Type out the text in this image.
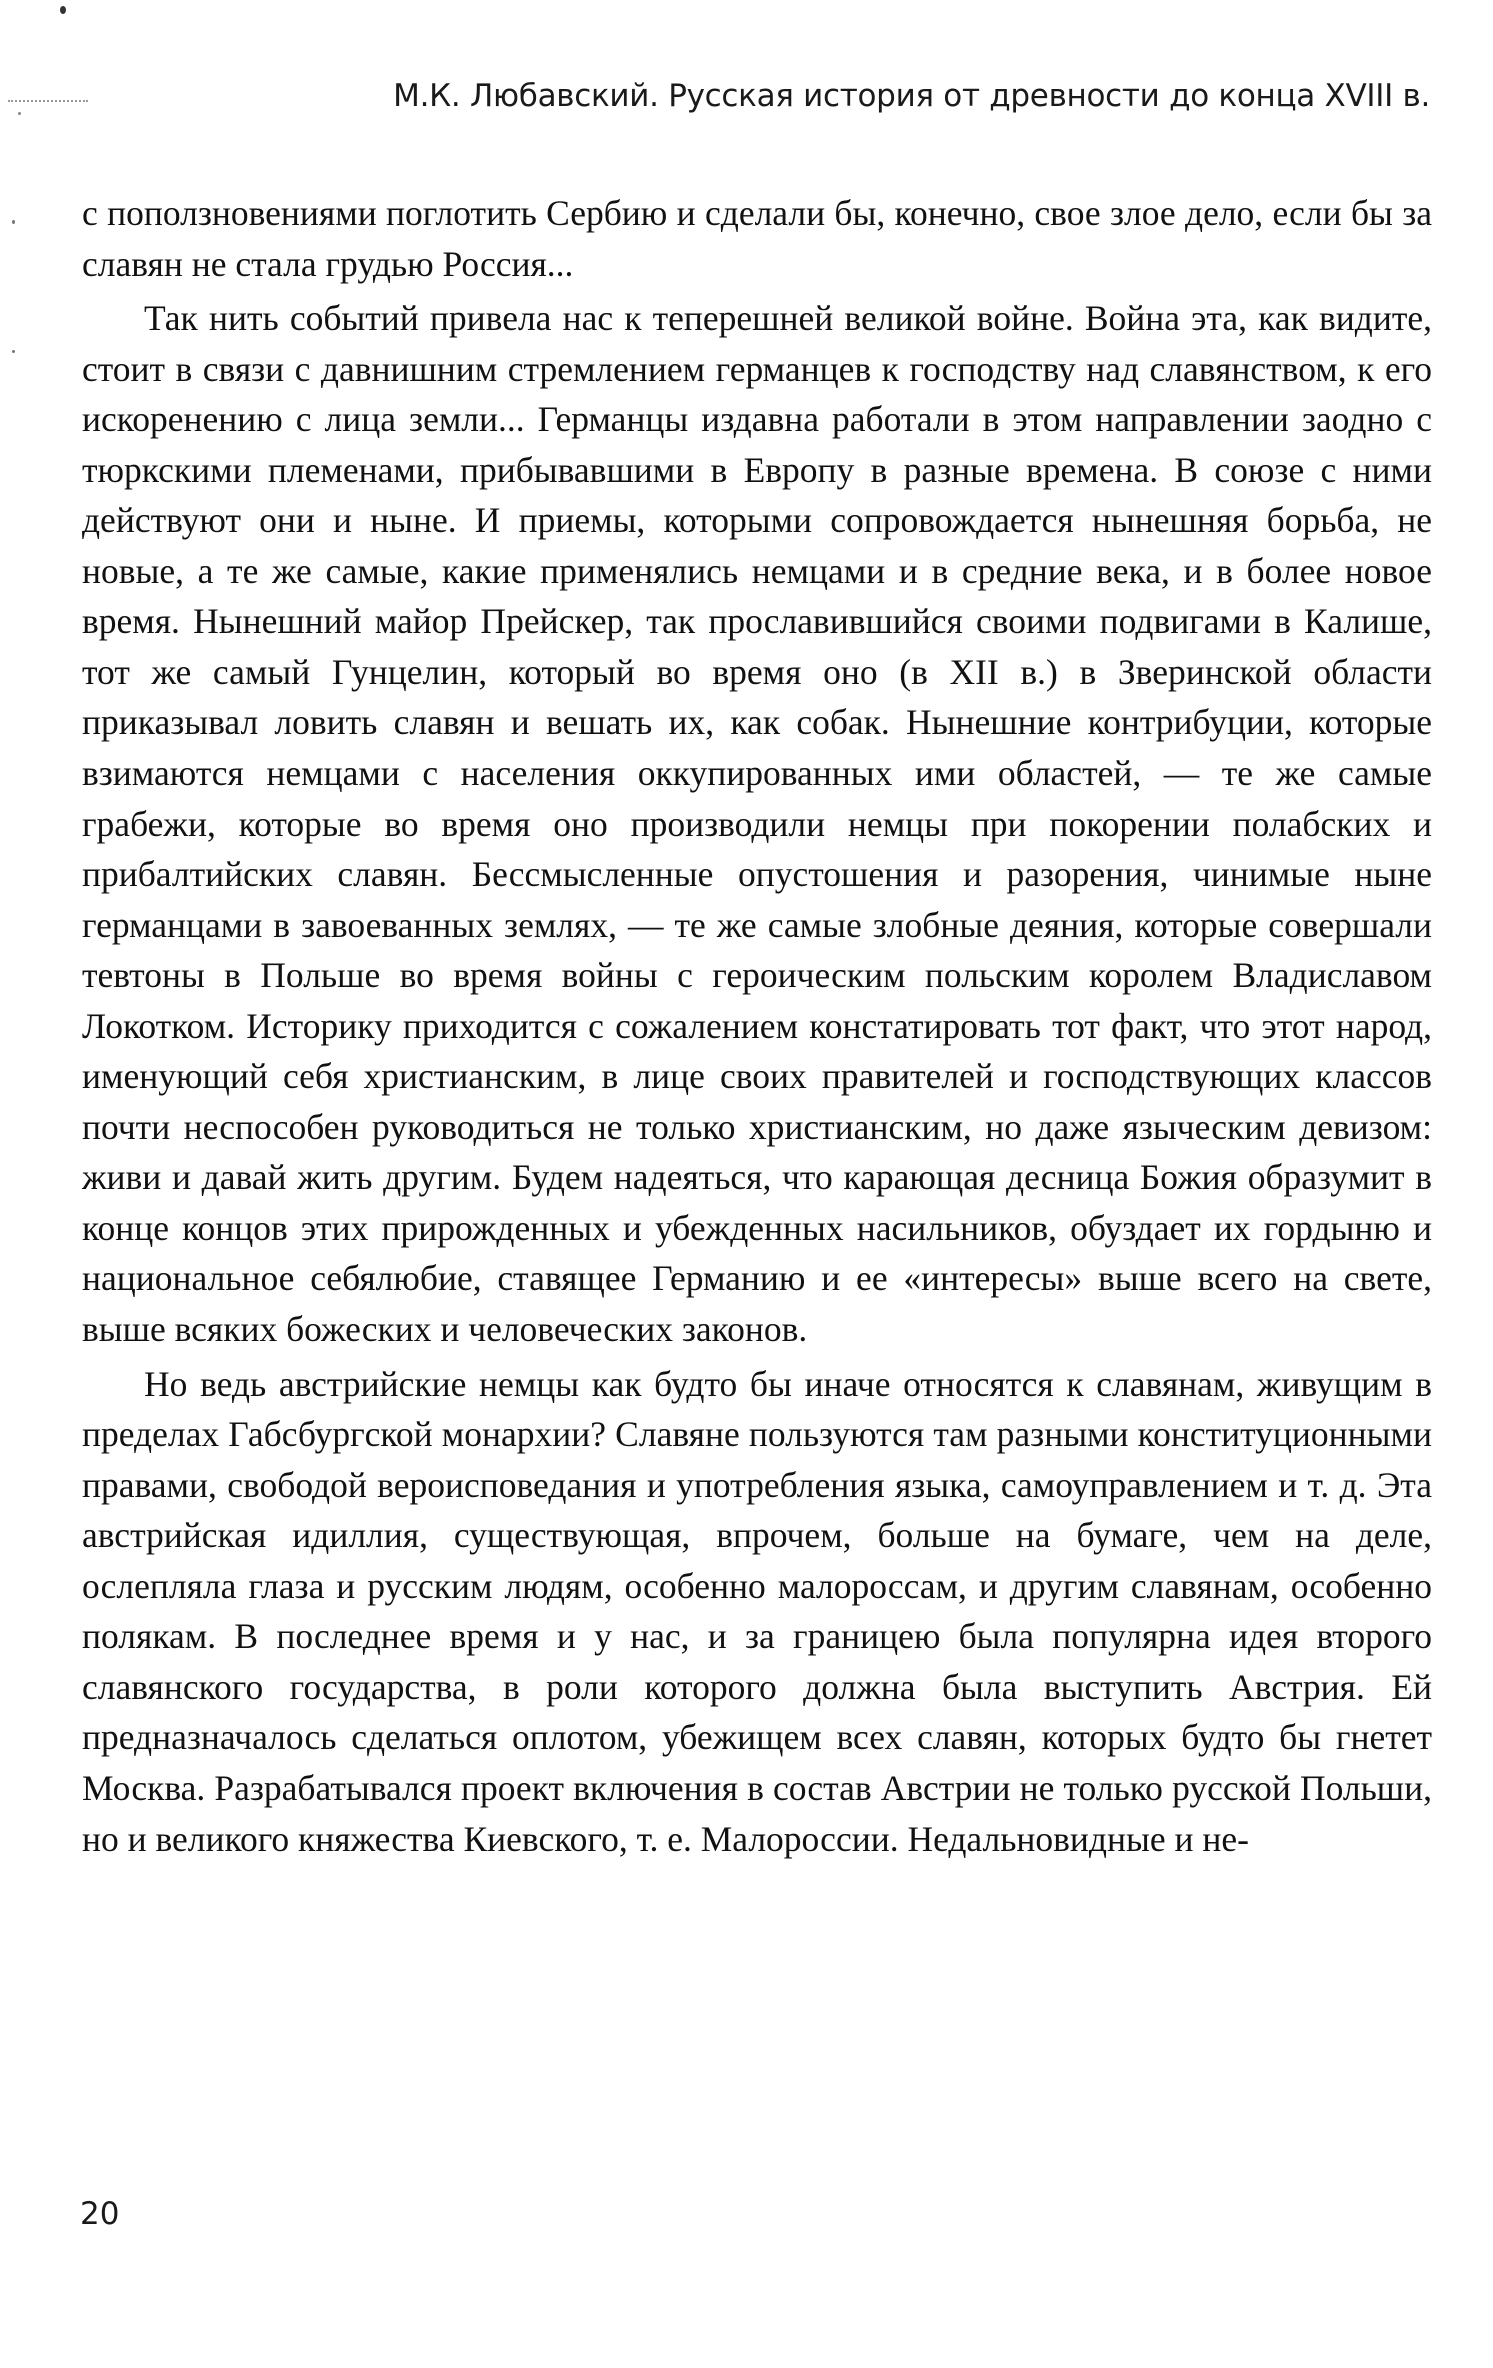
М.К. Любавский. Русская история от древности до конца XVIII в.

с поползновениями поглотить Сербию и сделали бы, конечно, свое злое дело, если бы за славян не стала грудью Россия...

Так нить событий привела нас к теперешней великой войне. Война эта, как видите, стоит в связи с давнишним стремлением германцев к господству над славянством, к его искоренению с лица земли... Германцы издавна работали в этом направлении заодно с тюркскими племенами, прибывавшими в Европу в разные времена. В союзе с ними действуют они и ныне. И приемы, которыми сопровождается нынешняя борьба, не новые, а те же самые, какие применялись немцами и в средние века, и в более новое время. Нынешний майор Прейскер, так прославившийся своими подвигами в Калише, тот же самый Гунцелин, который во время оно (в XII в.) в Зверинской области приказывал ловить славян и вешать их, как собак. Нынешние контрибуции, которые взимаются немцами с населения оккупированных ими областей, — те же самые грабежи, которые во время оно производили немцы при покорении полабских и прибалтийских славян. Бессмысленные опустошения и разорения, чинимые ныне германцами в завоеванных землях, — те же самые злобные деяния, которые совершали тевтоны в Польше во время войны с героическим польским королем Владиславом Локотком. Историку приходится с сожалением констатировать тот факт, что этот народ, именующий себя христианским, в лице своих правителей и господствующих классов почти неспособен руководиться не только христианским, но даже языческим девизом: живи и давай жить другим. Будем надеяться, что карающая десница Божия образумит в конце концов этих прирожденных и убежденных насильников, обуздает их гордыню и национальное себялюбие, ставящее Германию и ее «интересы» выше всего на свете, выше всяких божеских и человеческих законов.

Но ведь австрийские немцы как будто бы иначе относятся к славянам, живущим в пределах Габсбургской монархии? Славяне пользуются там разными конституционными правами, свободой вероисповедания и употребления языка, самоуправлением и т. д. Эта австрийская идиллия, существующая, впрочем, больше на бумаге, чем на деле, ослепляла глаза и русским людям, особенно малороссам, и другим славянам, особенно полякам. В последнее время и у нас, и за границею была популярна идея второго славянского государства, в роли которого должна была выступить Австрия. Ей предназначалось сделаться оплотом, убежищем всех славян, которых будто бы гнетет Москва. Разрабатывался проект включения в состав Австрии не только русской Польши, но и великого княжества Киевского, т. е. Малороссии. Недальновидные и не-

20
